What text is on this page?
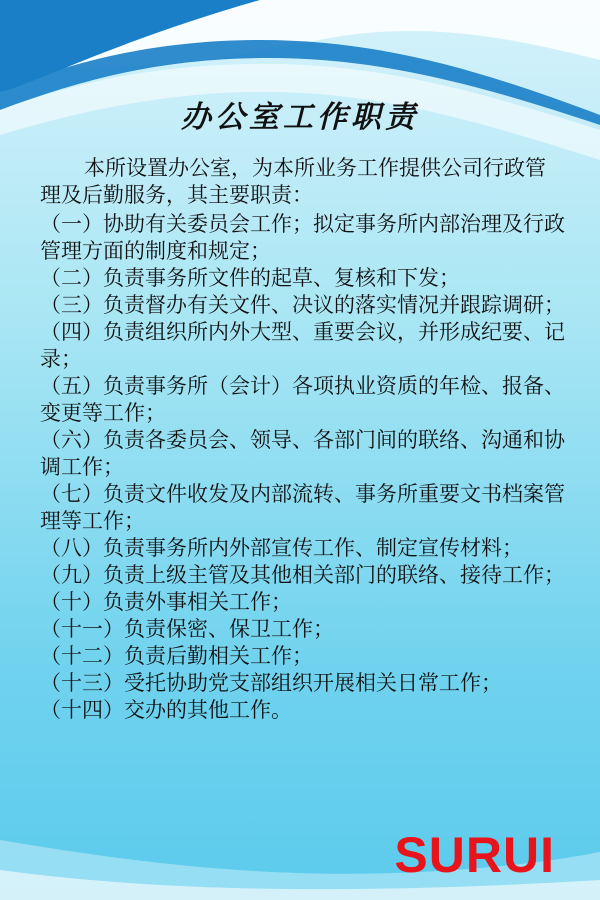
办公室工作职责

本所设置办公室，为本所业务工作提供公司行政管理及后勤服务，其主要职责：

（一）协助有关委员会工作；拟定事务所内部治理及行政管理方面的制度和规定；

（二）负责事务所文件的起草、复核和下发；

（三）负责督办有关文件、决议的落实情况并跟踪调研；

（四）负责组织所内外大型、重要会议，并形成纪要、记录；

（五）负责事务所（会计）各项执业资质的年检、报备、变更等工作；

（六）负责各委员会、领导、各部门间的联络、沟通和协调工作；

（七）负责文件收发及内部流转、事务所重要文书档案管理等工作；

（八）负责事务所内外部宣传工作、制定宣传材料；

（九）负责上级主管及其他相关部门的联络、接待工作；

（十）负责外事相关工作；

（十一）负责保密、保卫工作；

（十二）负责后勤相关工作；

（十三）受托协助党支部组织开展相关日常工作；

（十四）交办的其他工作。

SURUI
